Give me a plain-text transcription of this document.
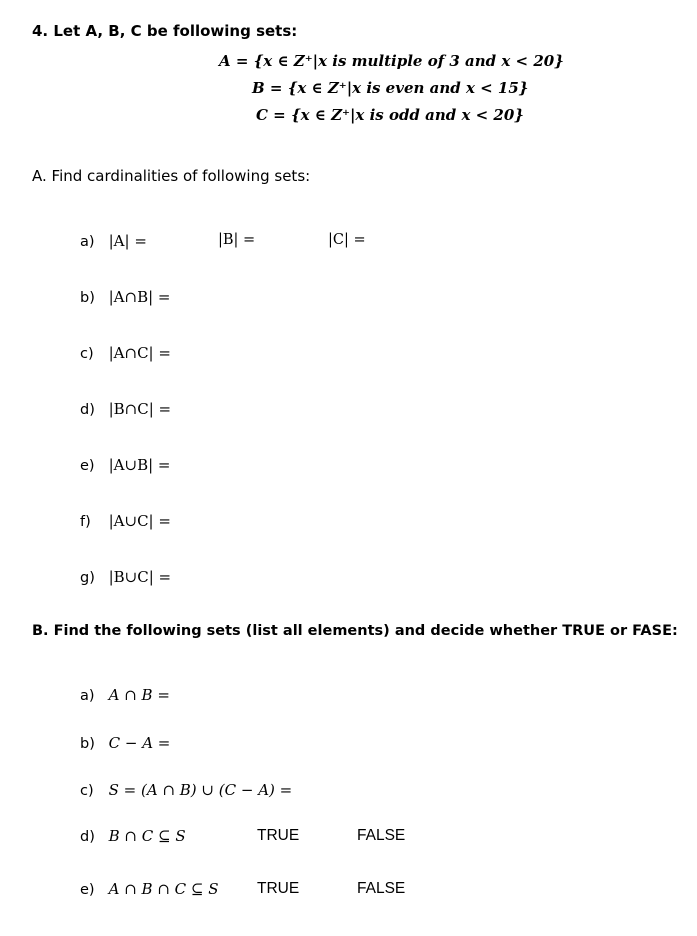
4. Let A, B, C be following sets:
A = {x ∈ Z⁺|x is multiple of 3 and x < 20}
B = {x ∈ Z⁺|x is even and x < 15}
C = {x ∈ Z⁺|x is odd and x < 20}
A. Find cardinalities of following sets:
a) |A| =	|B| =	|C| =
b) |A∩B| =
c) |A∩C| =
d) |B∩C| =
e) |A∪B| =
f) |A∪C| =
g) |B∪C| =
B. Find the following sets (list all elements) and decide whether TRUE or FASE:
a) A ∩ B =
b) C − A =
c) S = (A ∩ B) ∪ (C − A) =
d) B ∩ C ⊆ S	TRUE	FALSE
e) A ∩ B ∩ C ⊆ S TRUE	FALSE
